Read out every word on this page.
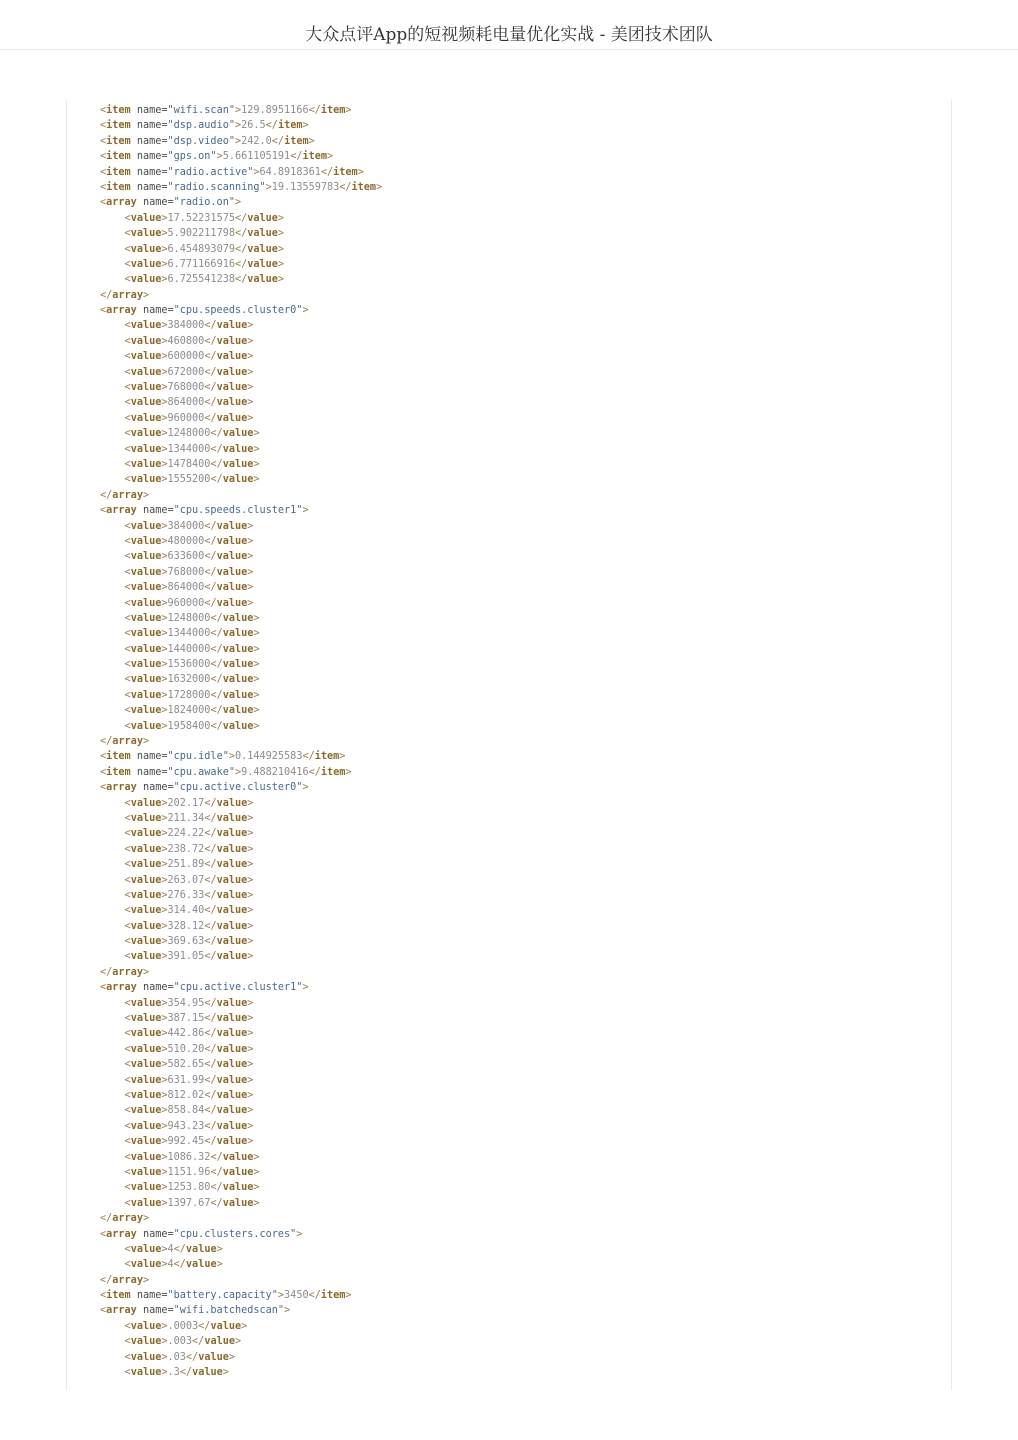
大众点评App的短视频耗电量优化实战 - 美团技术团队
<item name="wifi.scan">129.8951166</item>
<item name="dsp.audio">26.5</item>
<item name="dsp.video">242.0</item>
<item name="gps.on">5.661105191</item>
<item name="radio.active">64.8918361</item>
<item name="radio.scanning">19.13559783</item>
<array name="radio.on">
<value>17.52231575</value>
<value>5.902211798</value>
<value>6.454893079</value>
<value>6.771166916</value>
<value>6.725541238</value>
</array>
<array name="cpu.speeds.cluster0">
<value>384000</value>
<value>460800</value>
<value>600000</value>
<value>672000</value>
<value>768000</value>
<value>864000</value>
<value>960000</value>
<value>1248000</value>
<value>1344000</value>
<value>1478400</value>
<value>1555200</value>
</array>
<array name="cpu.speeds.cluster1">
<value>384000</value>
<value>480000</value>
<value>633600</value>
<value>768000</value>
<value>864000</value>
<value>960000</value>
<value>1248000</value>
<value>1344000</value>
<value>1440000</value>
<value>1536000</value>
<value>1632000</value>
<value>1728000</value>
<value>1824000</value>
<value>1958400</value>
</array>
<item name="cpu.idle">0.144925583</item>
<item name="cpu.awake">9.488210416</item>
<array name="cpu.active.cluster0">
<value>202.17</value>
<value>211.34</value>
<value>224.22</value>
<value>238.72</value>
<value>251.89</value>
<value>263.07</value>
<value>276.33</value>
<value>314.40</value>
<value>328.12</value>
<value>369.63</value>
<value>391.05</value>
</array>
<array name="cpu.active.cluster1">
<value>354.95</value>
<value>387.15</value>
<value>442.86</value>
<value>510.20</value>
<value>582.65</value>
<value>631.99</value>
<value>812.02</value>
<value>858.84</value>
<value>943.23</value>
<value>992.45</value>
<value>1086.32</value>
<value>1151.96</value>
<value>1253.80</value>
<value>1397.67</value>
</array>
<array name="cpu.clusters.cores">
<value>4</value>
<value>4</value>
</array>
<item name="battery.capacity">3450</item>
<array name="wifi.batchedscan">
<value>.0003</value>
<value>.003</value>
<value>.03</value>
<value>.3</value>
